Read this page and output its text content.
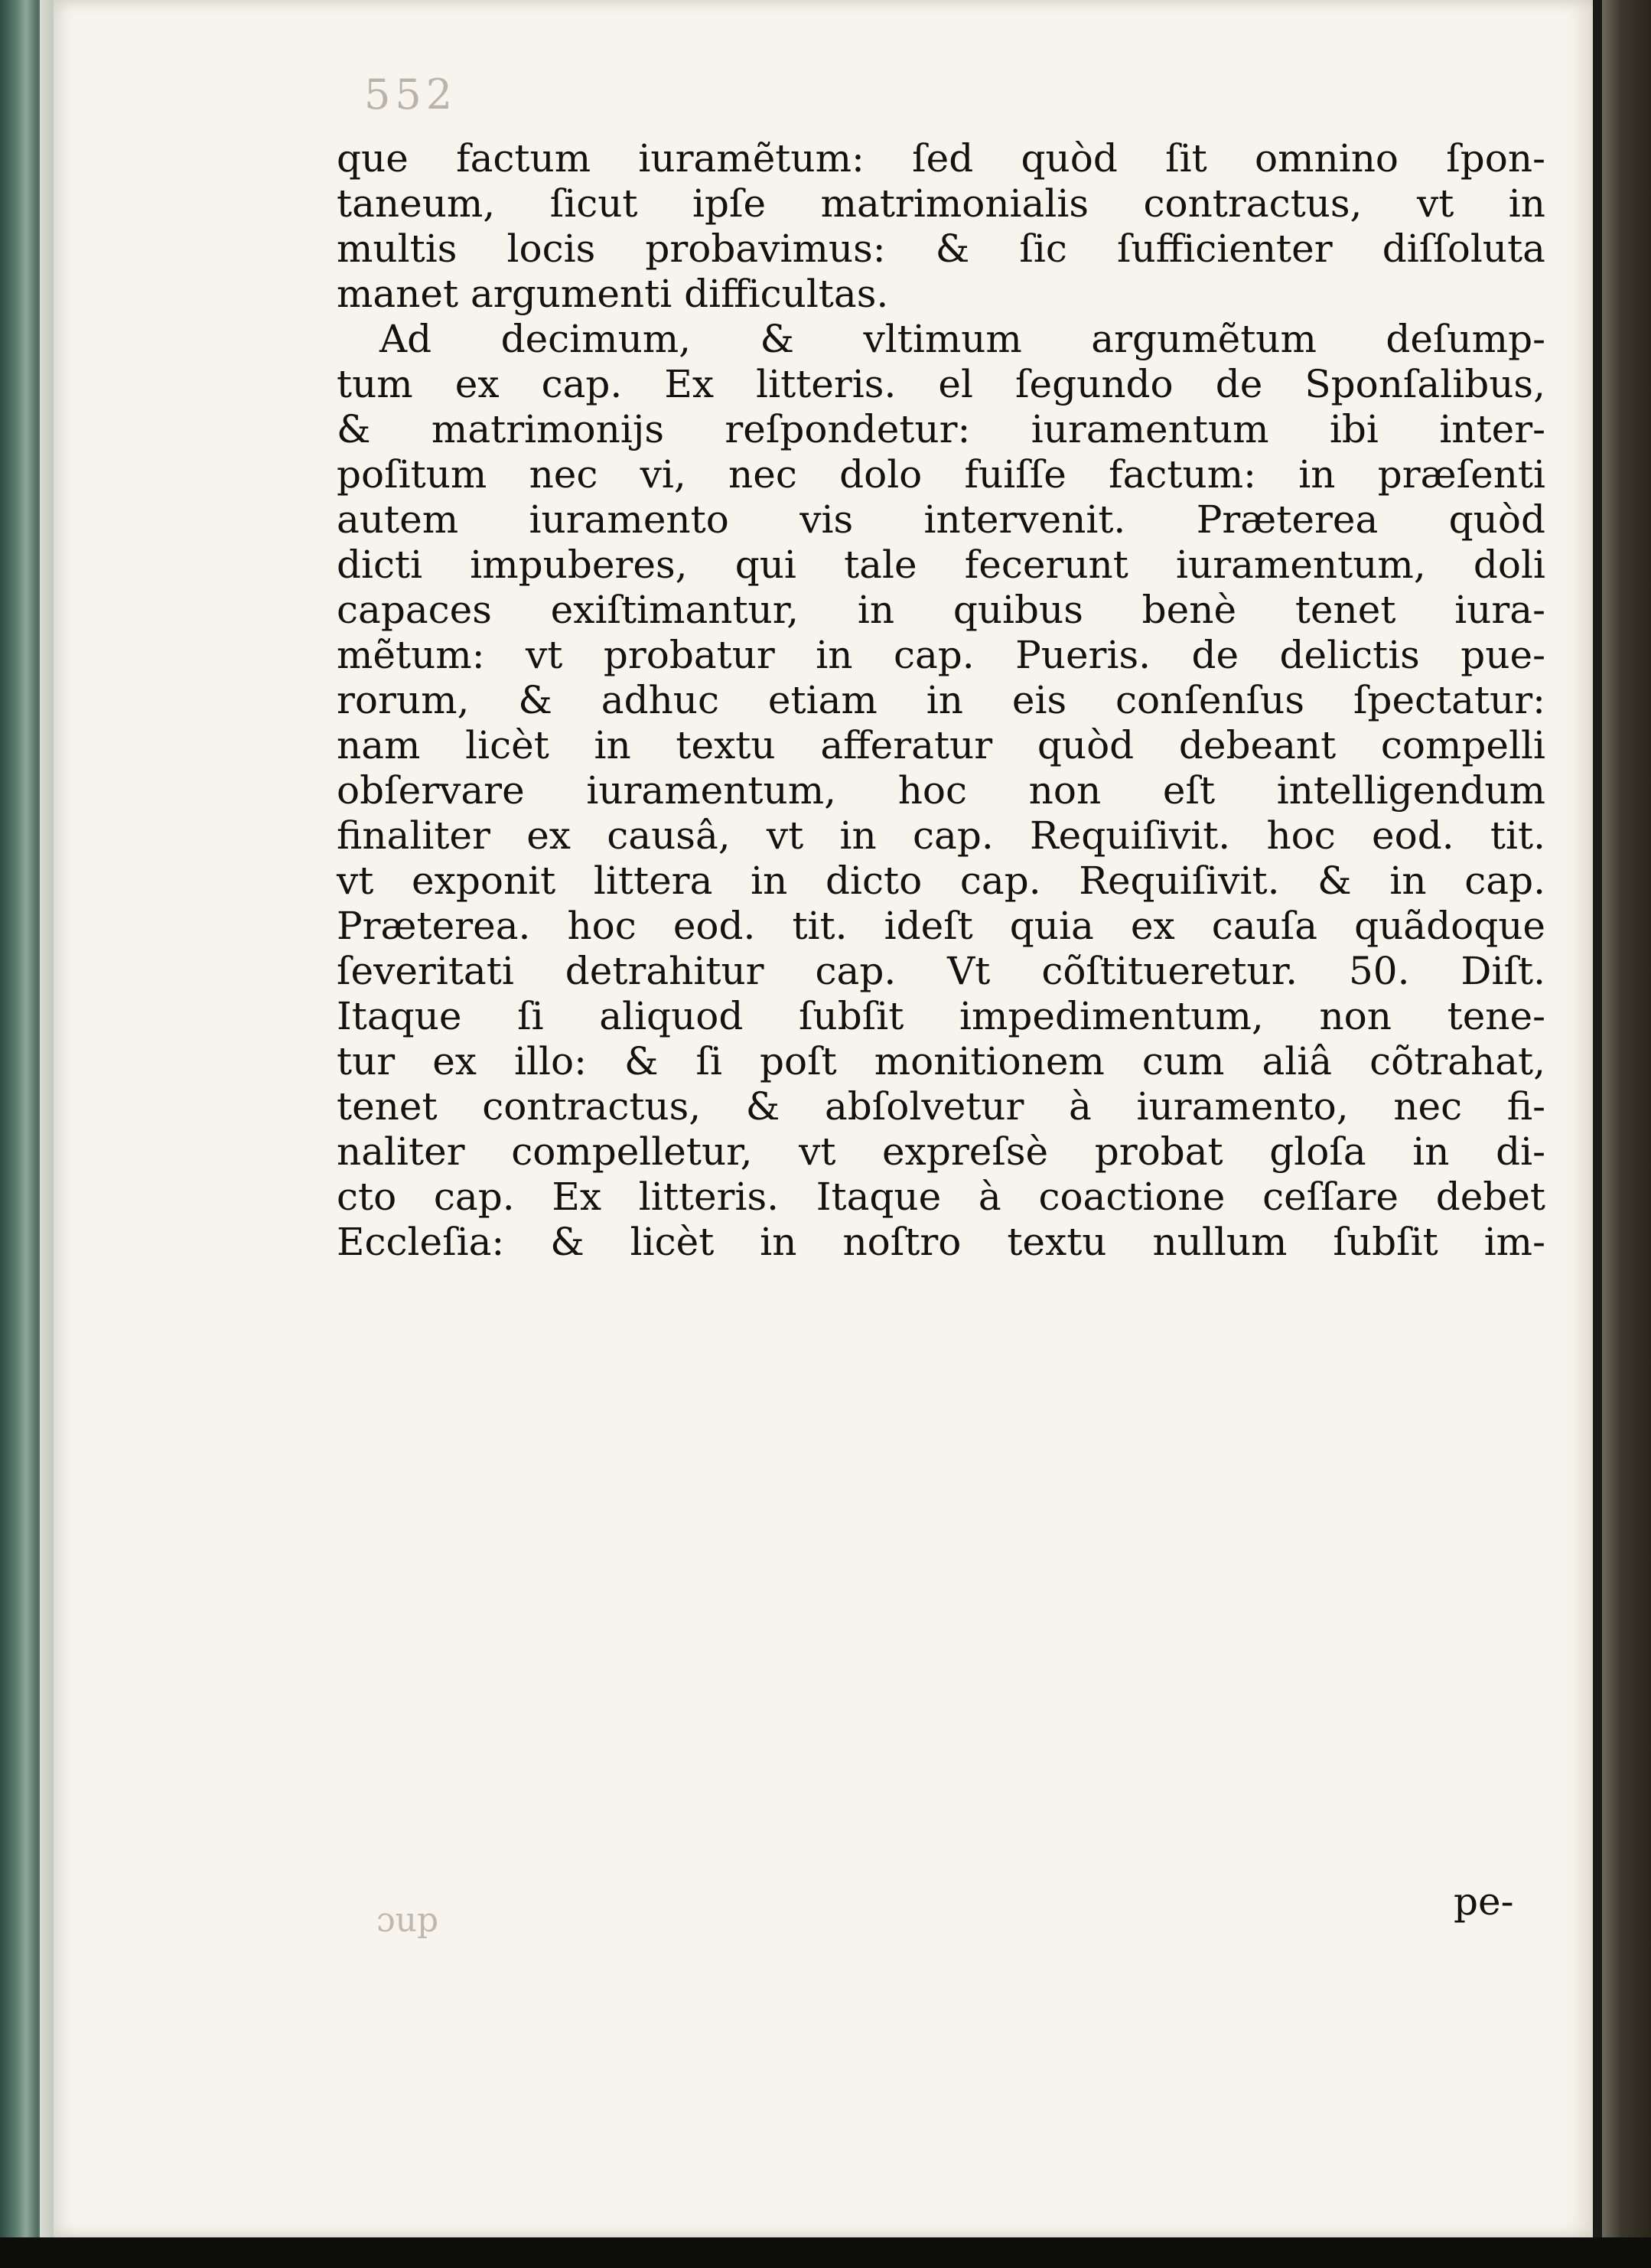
552

que factum iuramẽtum: ſed quòd ſit omnino ſpon-

taneum, ſicut ipſe matrimonialis contractus, vt in

multis locis probavimus: & ſic ſufficienter diſſoluta

manet argumenti difficultas.

Ad decimum, & vltimum argumẽtum deſump-

tum ex cap. Ex litteris. el ſegundo de Sponſalibus,

& matrimonijs reſpondetur: iuramentum ibi inter-

poſitum nec vi, nec dolo fuiſſe factum: in præſenti

autem iuramento vis intervenit. Præterea quòd

dicti impuberes, qui tale fecerunt iuramentum, doli

capaces exiſtimantur, in quibus benè tenet iura-

mẽtum: vt probatur in cap. Pueris. de delictis pue-

rorum, & adhuc etiam in eis conſenſus ſpectatur:

nam licèt in textu afferatur quòd debeant compelli

obſervare iuramentum, hoc non eſt intelligendum

finaliter ex causâ, vt in cap. Requiſivit. hoc eod. tit.

vt exponit littera in dicto cap. Requiſivit. & in cap.

Præterea. hoc eod. tit. ideſt quia ex cauſa quãdoque

ſeveritati detrahitur cap. Vt cõſtitueretur. 50. Diſt.

Itaque ſi aliquod ſubſit impedimentum, non tene-

tur ex illo: & ſi poſt monitionem cum aliâ cõtrahat,

tenet contractus, & abſolvetur à iuramento, nec fi-

naliter compelletur, vt expreſsè probat gloſa in di-

cto cap. Ex litteris. Itaque à coactione ceſſare debet

Eccleſia: & licèt in noſtro textu nullum ſubſit im-

ɔup	pe-
